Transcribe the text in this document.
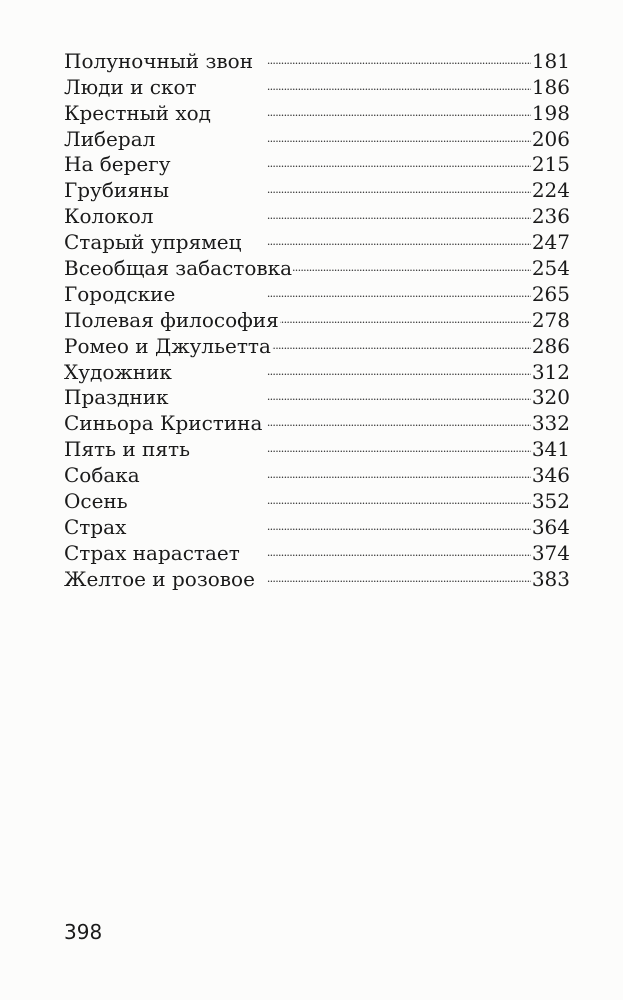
Полуночный звон . . .	181
Люди и скот . . .	186
Крестный ход . . .	198
Либерал . . .	206
На берегу . . .	215
Грубияны . . .	224
Колокол . . .	236
Старый упрямец . . .	247
Всеобщая забастовка . . .	254
Городские . . .	265
Полевая философия . . .	278
Ромео и Джульетта . . .	286
Художник . . .	312
Праздник . . .	320
Синьора Кристина . . .	332
Пять и пять . . .	341
Собака . . .	346
Осень . . .	352
Страх . . .	364
Страх нарастает . . .	374
Желтое и розовое . . .	383
398
